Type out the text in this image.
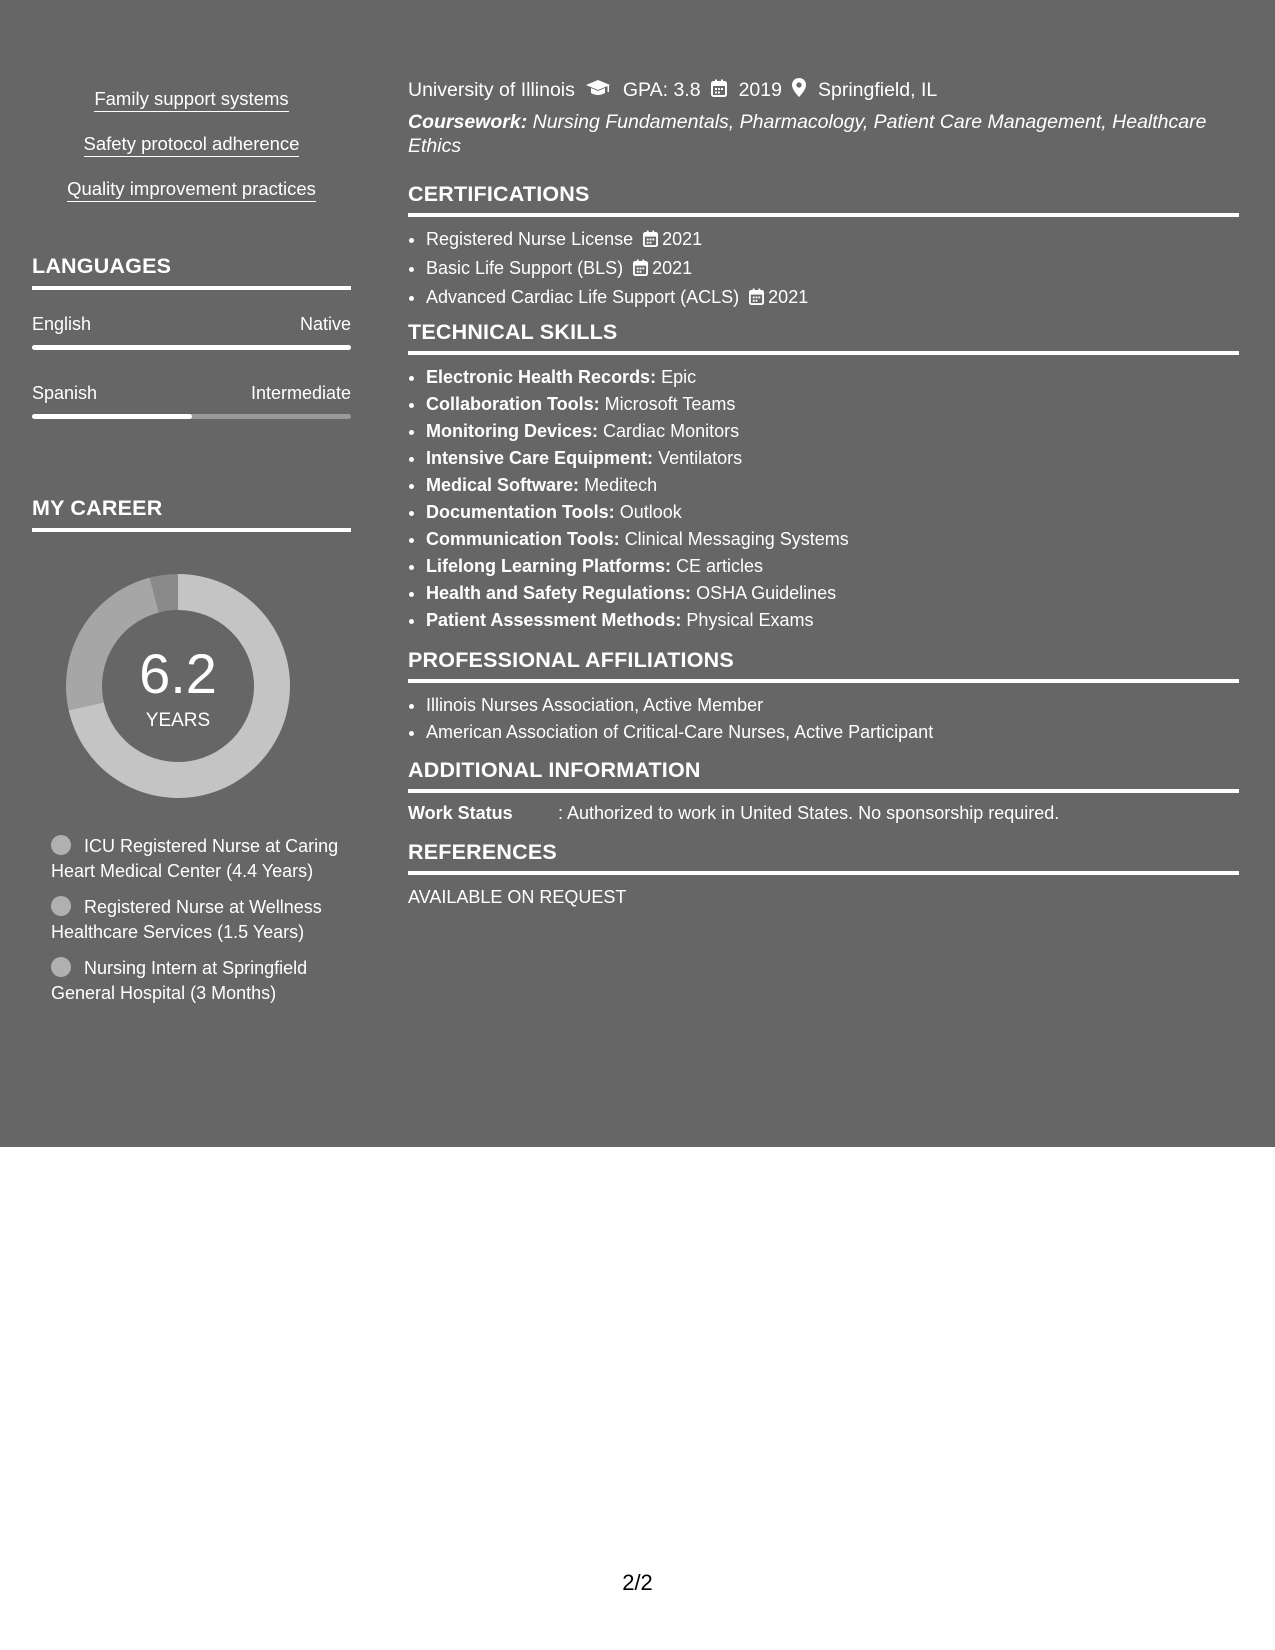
Family support systems
Safety protocol adherence
Quality improvement practices
LANGUAGES
English	Native
Spanish	Intermediate
MY CAREER
6.2
YEARS
ICU Registered Nurse at Caring Heart Medical Center (4.4 Years)
Registered Nurse at Wellness Healthcare Services (1.5 Years)
Nursing Intern at Springfield General Hospital (3 Months)
University of Illinois GPA: 3.8 2019 Springfield, IL
Coursework: Nursing Fundamentals, Pharmacology, Patient Care Management, Healthcare Ethics
CERTIFICATIONS
• Registered Nurse License 2021
• Basic Life Support (BLS) 2021
• Advanced Cardiac Life Support (ACLS) 2021
TECHNICAL SKILLS
• Electronic Health Records: Epic
• Collaboration Tools: Microsoft Teams
• Monitoring Devices: Cardiac Monitors
• Intensive Care Equipment: Ventilators
• Medical Software: Meditech
• Documentation Tools: Outlook
• Communication Tools: Clinical Messaging Systems
• Lifelong Learning Platforms: CE articles
• Health and Safety Regulations: OSHA Guidelines
• Patient Assessment Methods: Physical Exams
PROFESSIONAL AFFILIATIONS
• Illinois Nurses Association, Active Member
• American Association of Critical-Care Nurses, Active Participant
ADDITIONAL INFORMATION
Work Status	: Authorized to work in United States. No sponsorship required.
REFERENCES
AVAILABLE ON REQUEST
2/2
